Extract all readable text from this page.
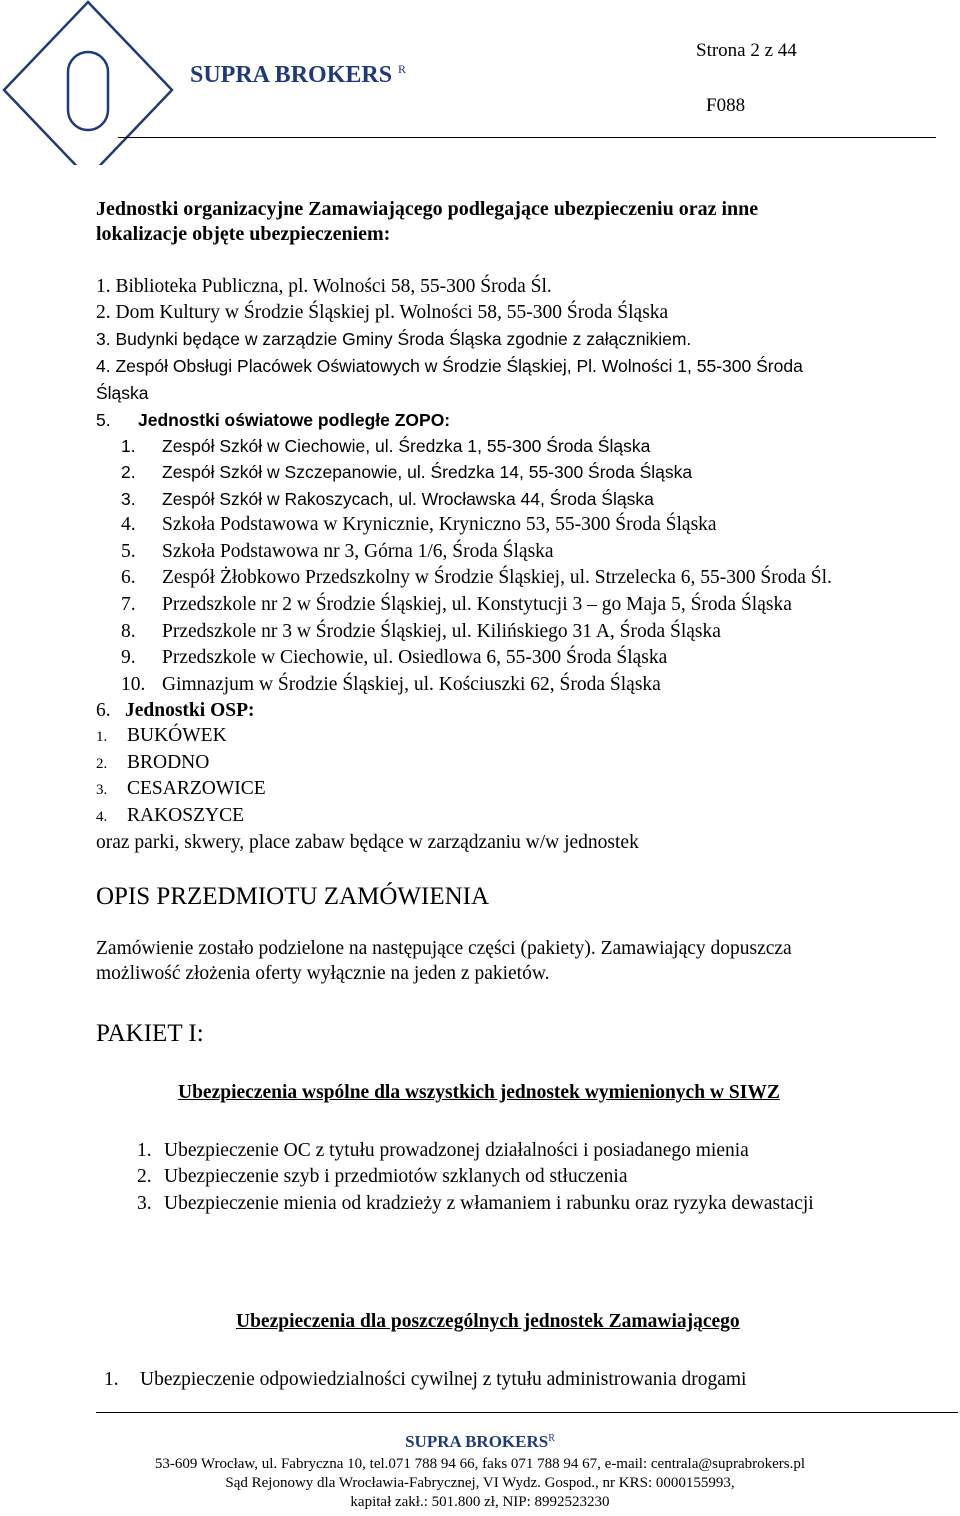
SUPRA BROKERS $^R$
Strona 2 z 44
F088
Jednostki organizacyjne Zamawiającego podlegające ubezpieczeniu oraz inne
lokalizacje objęte ubezpieczeniem:
1. Biblioteka Publiczna, pl. Wolności 58, 55-300 Środa Śl.
2. Dom Kultury w Środzie Śląskiej pl. Wolności 58, 55-300 Środa Śląska
3. Budynki będące w zarządzie Gminy Środa Śląska zgodnie z załącznikiem.
4. Zespół Obsługi Placówek Oświatowych w Środzie Śląskiej, Pl. Wolności 1, 55-300 Środa
Śląska
5. Jednostki oświatowe podległe ZOPO:
1. Zespół Szkół w Ciechowie, ul. Średzka 1, 55-300 Środa Śląska
2. Zespół Szkół w Szczepanowie, ul. Średzka 14, 55-300 Środa Śląska
3. Zespół Szkół w Rakoszycach, ul. Wrocławska 44, Środa Śląska
4. Szkoła Podstawowa w Krynicznie, Kryniczno 53, 55-300 Środa Śląska
5. Szkoła Podstawowa nr 3, Górna 1/6, Środa Śląska
6. Zespół Żłobkowo Przedszkolny w Środzie Śląskiej, ul. Strzelecka 6, 55-300 Środa Śl.
7. Przedszkole nr 2 w Środzie Śląskiej, ul. Konstytucji 3 – go Maja 5, Środa Śląska
8. Przedszkole nr 3 w Środzie Śląskiej, ul. Kilińskiego 31 A, Środa Śląska
9. Przedszkole w Ciechowie, ul. Osiedlowa 6, 55-300 Środa Śląska
10. Gimnazjum w Środzie Śląskiej, ul. Kościuszki 62, Środa Śląska
6. Jednostki OSP:
1. BUKÓWEK
2. BRODNO
3. CESARZOWICE
4. RAKOSZYCE
oraz parki, skwery, place zabaw będące w zarządzaniu w/w jednostek
OPIS PRZEDMIOTU ZAMÓWIENIA
Zamówienie zostało podzielone na następujące części (pakiety). Zamawiający dopuszcza
możliwość złożenia oferty wyłącznie na jeden z pakietów.
PAKIET I:
Ubezpieczenia wspólne dla wszystkich jednostek wymienionych w SIWZ
1. Ubezpieczenie OC z tytułu prowadzonej działalności i posiadanego mienia
2. Ubezpieczenie szyb i przedmiotów szklanych od stłuczenia
3. Ubezpieczenie mienia od kradzieży z włamaniem i rabunku oraz ryzyka dewastacji
Ubezpieczenia dla poszczególnych jednostek Zamawiającego
1. Ubezpieczenie odpowiedzialności cywilnej z tytułu administrowania drogami
SUPRA BROKERS$^R$
53-609 Wrocław, ul. Fabryczna 10, tel.071 788 94 66, faks 071 788 94 67, e-mail: centrala@suprabrokers.pl
Sąd Rejonowy dla Wrocławia-Fabrycznej, VI Wydz. Gospod., nr KRS: 0000155993,
kapitał zakł.: 501.800 zł, NIP: 8992523230
